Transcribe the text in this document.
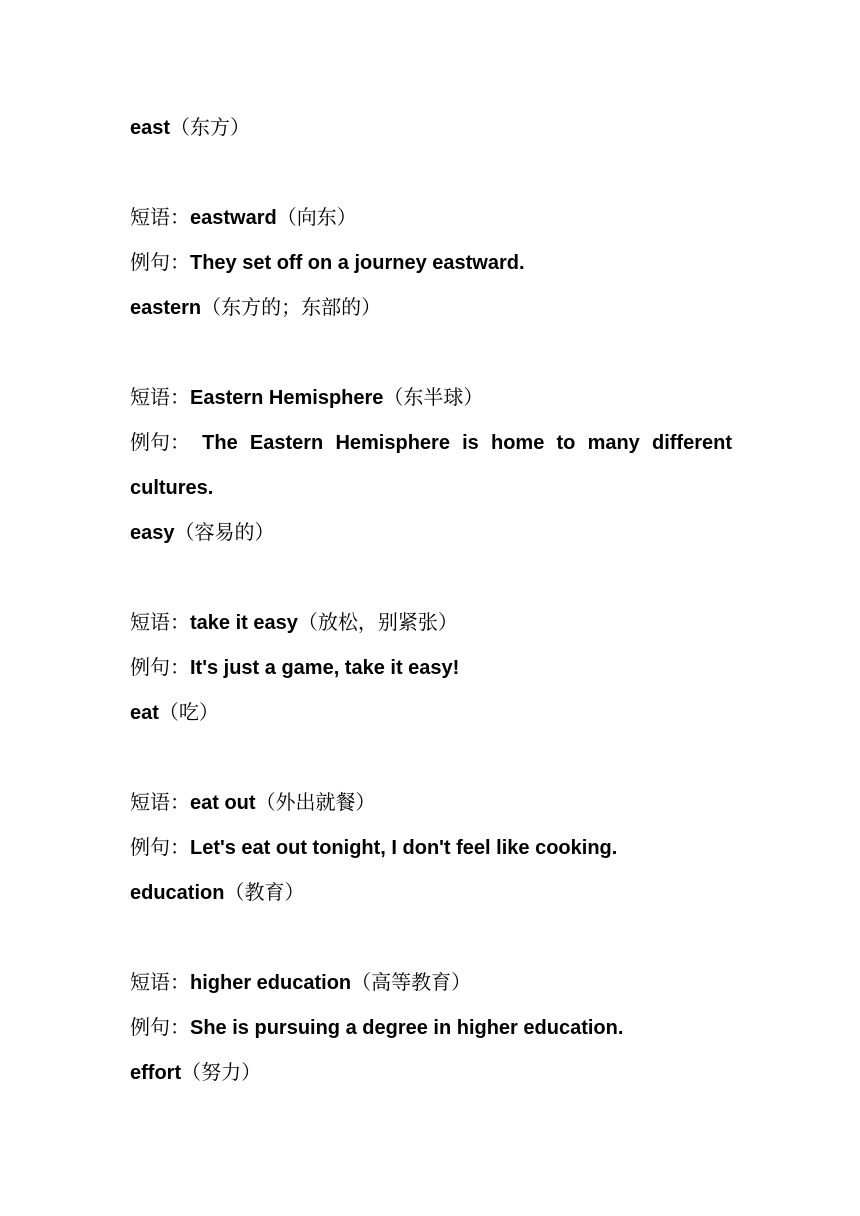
east（东方）
短语：eastward（向东）
例句：They set off on a journey eastward.
eastern（东方的；东部的）
短语：Eastern Hemisphere（东半球）
例句： The Eastern Hemisphere is home to many different
cultures.
easy（容易的）
短语：take it easy（放松，别紧张）
例句：It's just a game, take it easy!
eat（吃）
短语：eat out（外出就餐）
例句：Let's eat out tonight, I don't feel like cooking.
education（教育）
短语：higher education（高等教育）
例句：She is pursuing a degree in higher education.
effort（努力）
